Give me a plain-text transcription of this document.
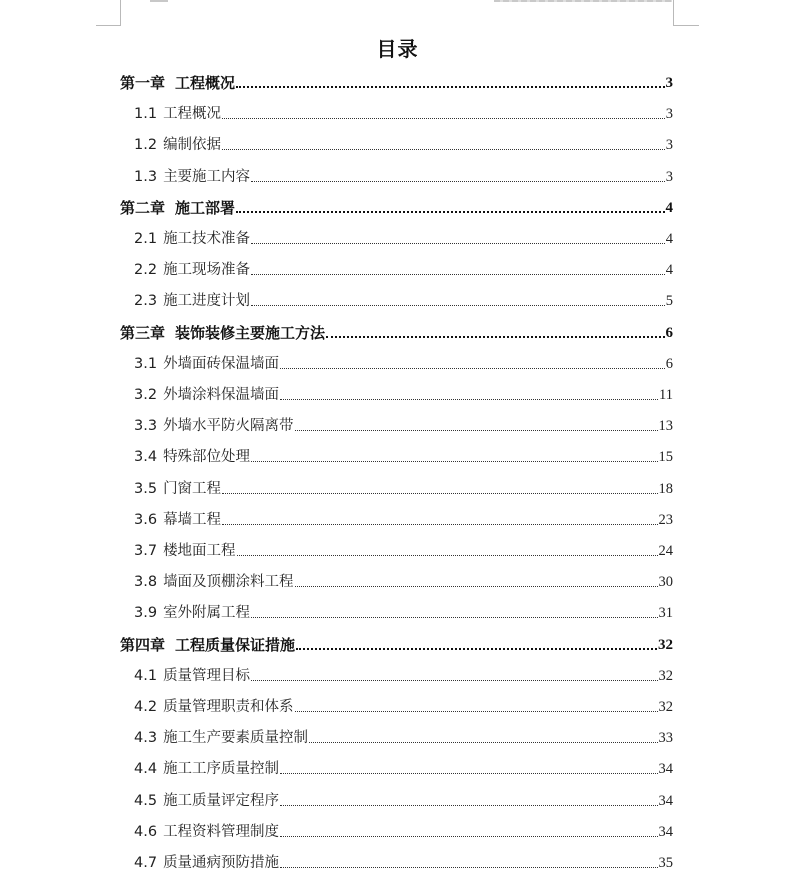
目录
第一章 工程概况	3
1.1 工程概况	3
1.2 编制依据	3
1.3 主要施工内容	3
第二章 施工部署	4
2.1 施工技术准备	4
2.2 施工现场准备	4
2.3 施工进度计划	5
第三章 装饰装修主要施工方法	6
3.1 外墙面砖保温墙面	6
3.2 外墙涂料保温墙面	11
3.3 外墙水平防火隔离带	13
3.4 特殊部位处理	15
3.5 门窗工程	18
3.6 幕墙工程	23
3.7 楼地面工程	24
3.8 墙面及顶棚涂料工程	30
3.9 室外附属工程	31
第四章 工程质量保证措施	32
4.1 质量管理目标	32
4.2 质量管理职责和体系	32
4.3 施工生产要素质量控制	33
4.4 施工工序质量控制	34
4.5 施工质量评定程序	34
4.6 工程资料管理制度	34
4.7 质量通病预防措施	35
